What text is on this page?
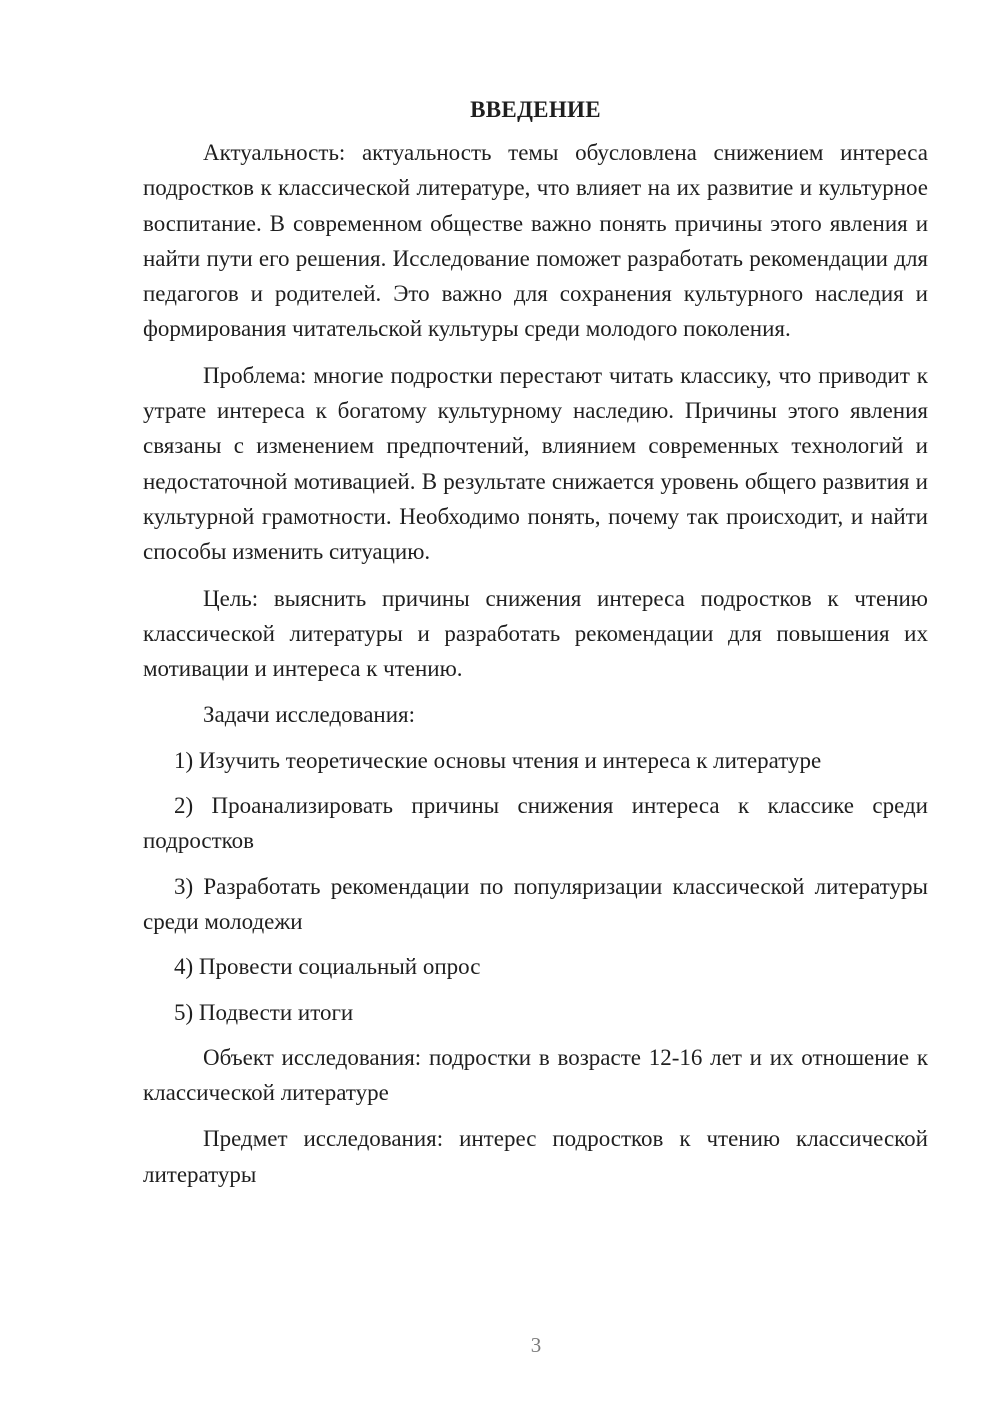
ВВЕДЕНИЕ

Актуальность: актуальность темы обусловлена снижением интереса подростков к классической литературе, что влияет на их развитие и культурное воспитание. В современном обществе важно понять причины этого явления и найти пути его решения. Исследование поможет разработать рекомендации для педагогов и родителей. Это важно для сохранения культурного наследия и формирования читательской культуры среди молодого поколения.

Проблема: многие подростки перестают читать классику, что приводит к утрате интереса к богатому культурному наследию. Причины этого явления связаны с изменением предпочтений, влиянием современных технологий и недостаточной мотивацией. В результате снижается уровень общего развития и культурной грамотности. Необходимо понять, почему так происходит, и найти способы изменить ситуацию.

Цель: выяснить причины снижения интереса подростков к чтению классической литературы и разработать рекомендации для повышения их мотивации и интереса к чтению.

Задачи исследования:

1) Изучить теоретические основы чтения и интереса к литературе

2) Проанализировать причины снижения интереса к классике среди подростков

3) Разработать рекомендации по популяризации классической литературы среди молодежи

4) Провести социальный опрос

5) Подвести итоги

Объект исследования: подростки в возрасте 12-16 лет и их отношение к классической литературе

Предмет исследования: интерес подростков к чтению классической литературы

3
